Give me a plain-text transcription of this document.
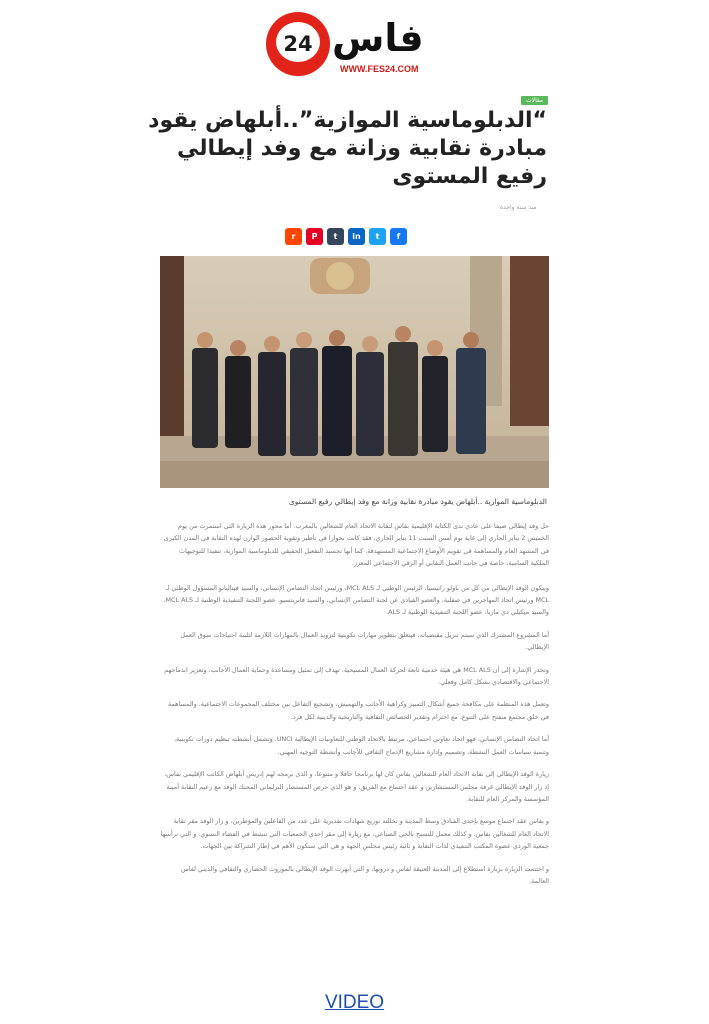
24 فاس
WWW.FES24.COM
مقالات
“الدبلوماسية الموازية”..أبلهاض يقود مبادرة نقابية وزانة مع وفد إيطالي رفيع المستوى
منذ سنة واحدة
r	P	t	in	t	f
الدبلوماسية الموازية ..أبلهاض يقود مبادرة نقابية وزانة مع وفد إيطالي رفيع المستوى

حل وفد إيطالي ضيفا على عادي ندى الكتابة الإقليمية بفاس لنقابة الاتحاد العام للشغالين بالمغرب. أما محور هذه الزيارة التي استمرت من يوم الخميس 2 يناير الجاري إلى غاية يوم أمس السبت 11 يناير الجاري، فقد كانت بحوارا في تأطير وتقوية الحضور الوازن لهذه النقابة في المدن الكبرى في المشهد العام والمساهمة في تقويم الأوضاع الاجتماعية المستهدفة. كما أنها تجسيد التفعيل الحقيقي للدبلوماسية الموازية، تنفيذا للتوجيهات الملكية السامية، خاصة في جانب العمل النقابي أو الرقي الاجتماعي المعزز.

ويتكون الوفد الإيطالي من كل من باولو رانيسيا، الرئيس الوطني لـ MCL ALS، ورئيس اتحاد التضامن الإنساني، والسيد فيتاليانو المسؤول الوطني لـ MCL ورئيس اتحاد المهاجرين في صقلية، والعضو القيادي عن لجنة التضامن الإنساني، والسيد فابريتسيو، عضو اللجنة التنفيذية الوطنية لـ MCL ALS، والسيد ميكيلي دي ماريا، عضو اللجنة التنفيذية الوطنية لـ ALS.

أما المشروع المشترك الذي سيتم تنزيل مقتضياته، فيتعلق بتطوير مهارات تكوينية لتزويد العمال بالمهارات اللازمة لتلبية احتياجات سوق العمل الإيطالي.

وتجدر الإشارة إلى أن MCL ALS هي هيئة خدمية تابعة لحركة العمال المسيحية، تهدف إلى تمثيل ومساعدة وحماية العمال الأجانب، وتعزيز اندماجهم الاجتماعي والاقتصادي بشكل كامل وفعلي.

وتعمل هذه المنظمة على مكافحة جميع أشكال التمييز وكراهية الأجانب والتهميش، وتشجيع التفاعل بين مختلف المجموعات الاجتماعية، والمساهمة في خلق مجتمع منفتح على التنوع، مع احترام وتقدير الخصائص الثقافية والتاريخية والدينية لكل فرد.

أما اتحاد التضامن الإنساني، فهو اتحاد تعاوني اجتماعي، مرتبط بالاتحاد الوطني للتعاونيات الإيطالية UNCI. وتشمل أنشطته تنظيم دورات تكوينية، وتنمية سياسات العمل النشطة، وتصميم وإدارة مشاريع الإدماج الثقافي للأجانب وأنشطة التوجيه المهني.

زيارة الوفد الإيطالي إلى نقابة الاتحاد العام للشغالين بفاس كان لها برنامجا حافلا و متنوعا، و الذي برمجه لهم إدريس أبلهاض الكاتب الإقليمي بفاس، إذ زار الوفد الإيطالي غرفة مجلس المستشارين و عقد اجتماع مع الفريق، و هو الذي حرص المستشار البرلماني المحنك الوفد مع زعيم النقابة أمينة المؤسسة والمركز العام للنقابة.

و بفاس عقد اجتماع موسع بإحدى الفنادق وسط المدينة و تخللته توزيع شهادات تقديرية على عدد من الفاعلين والمؤطرين، و زار الوفد مقر نقابة الاتحاد العام للشغالين بفاس، و كذلك معمل للنسيج بالحي الصناعي، مع زيارة إلى مقر إحدى الجمعيات التي تنشط في الفضاء النسوي، و التي ترأسها جمعية الوردي عضوة المكتب التنفيذي لذات النقابة و نائبة رئيس مجلس الجهة و هي التي ستكون الأهم في إطار الشراكة بين الجهات.

و اختتمت الزيارة بزيارة استطلاع إلى المدينة العتيقة لفاس و دروبها، و التي أبهرت الوفد الإيطالي بالموروث الحضاري والثقافي والديني لفاس العالمة.

VIDEO
